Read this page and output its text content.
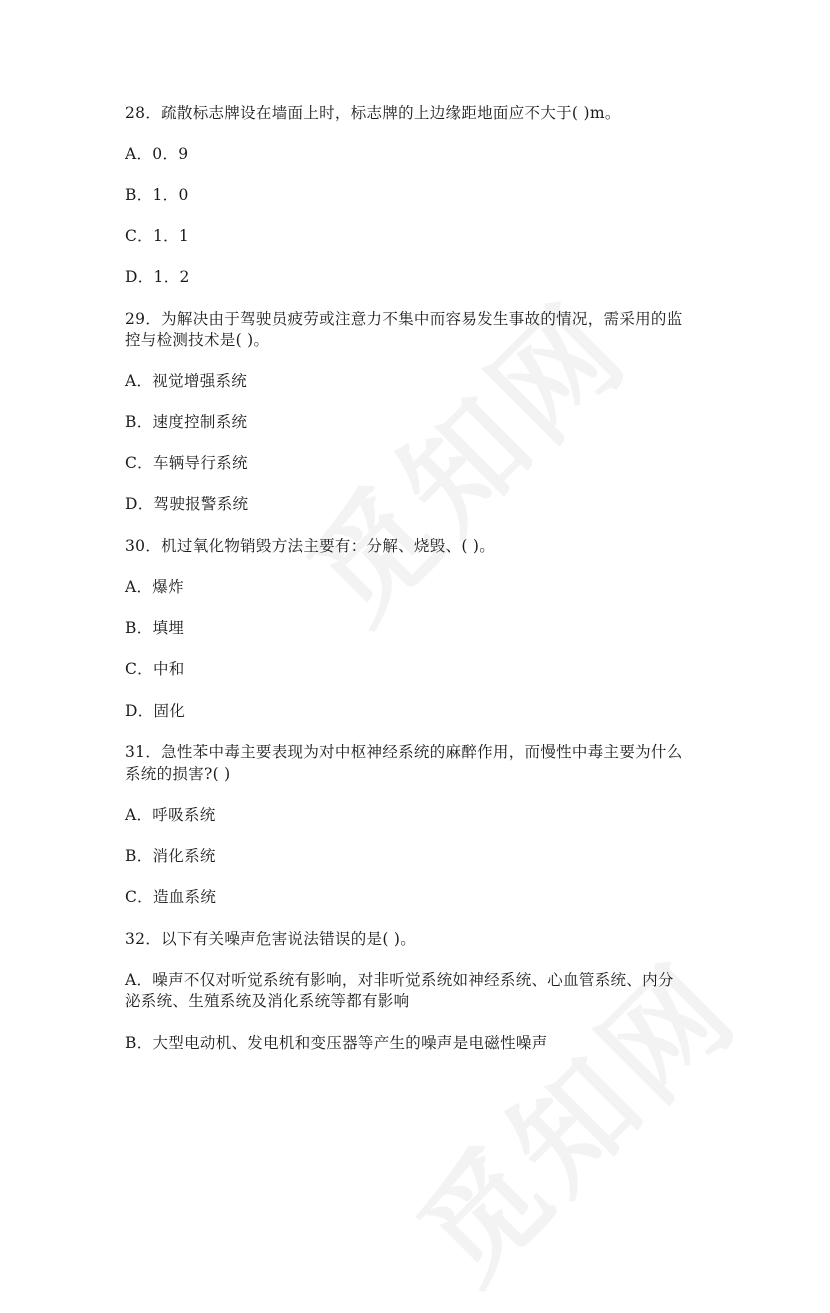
28．疏散标志牌设在墙面上时，标志牌的上边缘距地面应不大于( )m。
A．0．9
B．1．0
C．1．1
D．1．2
29．为解决由于驾驶员疲劳或注意力不集中而容易发生事故的情况，需采用的监
控与检测技术是( )。
A．视觉增强系统
B．速度控制系统
C．车辆导行系统
D．驾驶报警系统
30．机过氧化物销毁方法主要有：分解、烧毁、( )。
A．爆炸
B．填埋
C．中和
D．固化
31．急性苯中毒主要表现为对中枢神经系统的麻醉作用，而慢性中毒主要为什么
系统的损害?( )
A．呼吸系统
B．消化系统
C．造血系统
32．以下有关噪声危害说法错误的是( )。
A．噪声不仅对听觉系统有影响，对非听觉系统如神经系统、心血管系统、内分
泌系统、生殖系统及消化系统等都有影响
B．大型电动机、发电机和变压器等产生的噪声是电磁性噪声
